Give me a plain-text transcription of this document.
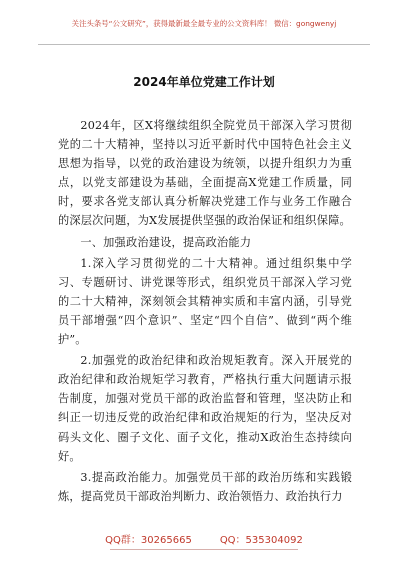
关注头条号“公文研究”，获得最新最全最专业的公文资料库！ 微信：gongwenyj
2024年单位党建工作计划

2024年，区X将继续组织全院党员干部深入学习贯彻党的二十大精神，坚持以习近平新时代中国特色社会主义思想为指导，以党的政治建设为统领，以提升组织力为重点，以党支部建设为基础，全面提高X党建工作质量，同时，要求各党支部认真分析解决党建工作与业务工作融合的深层次问题，为X发展提供坚强的政治保证和组织保障。

一、加强政治建设，提高政治能力

1.深入学习贯彻党的二十大精神。通过组织集中学习、专题研讨、讲党课等形式，组织党员干部深入学习党的二十大精神，深刻领会其精神实质和丰富内涵，引导党员干部增强“四个意识”、坚定“四个自信”、做到“两个维护”。

2.加强党的政治纪律和政治规矩教育。深入开展党的政治纪律和政治规矩学习教育，严格执行重大问题请示报告制度，加强对党员干部的政治监督和管理，坚决防止和纠正一切违反党的政治纪律和政治规矩的行为，坚决反对码头文化、圈子文化、面子文化，推动X政治生态持续向好。

3.提高政治能力。加强党员干部的政治历练和实践锻炼，提高党员干部政治判断力、政治领悟力、政治执行力

QQ群：30265665	QQ：535304092
